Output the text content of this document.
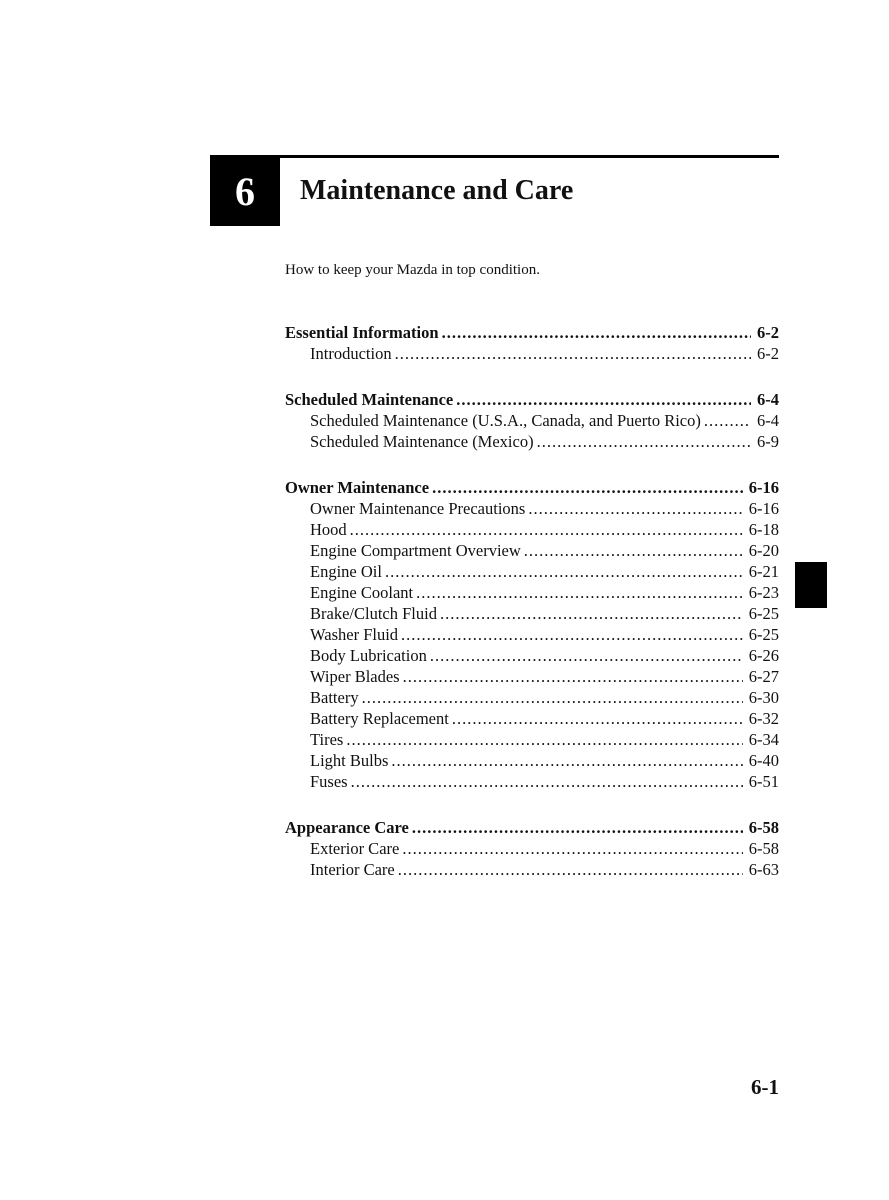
6 Maintenance and Care
How to keep your Mazda in top condition.
Essential Information .....	6-2
Introduction .....	6-2
Scheduled Maintenance .....	6-4
Scheduled Maintenance (U.S.A., Canada, and Puerto Rico) .....	6-4
Scheduled Maintenance (Mexico) .....	6-9
Owner Maintenance .....	6-16
Owner Maintenance Precautions .....	6-16
Hood .....	6-18
Engine Compartment Overview .....	6-20
Engine Oil .....	6-21
Engine Coolant .....	6-23
Brake/Clutch Fluid .....	6-25
Washer Fluid .....	6-25
Body Lubrication .....	6-26
Wiper Blades .....	6-27
Battery .....	6-30
Battery Replacement .....	6-32
Tires .....	6-34
Light Bulbs .....	6-40
Fuses .....	6-51
Appearance Care .....	6-58
Exterior Care .....	6-58
Interior Care .....	6-63
6-1
